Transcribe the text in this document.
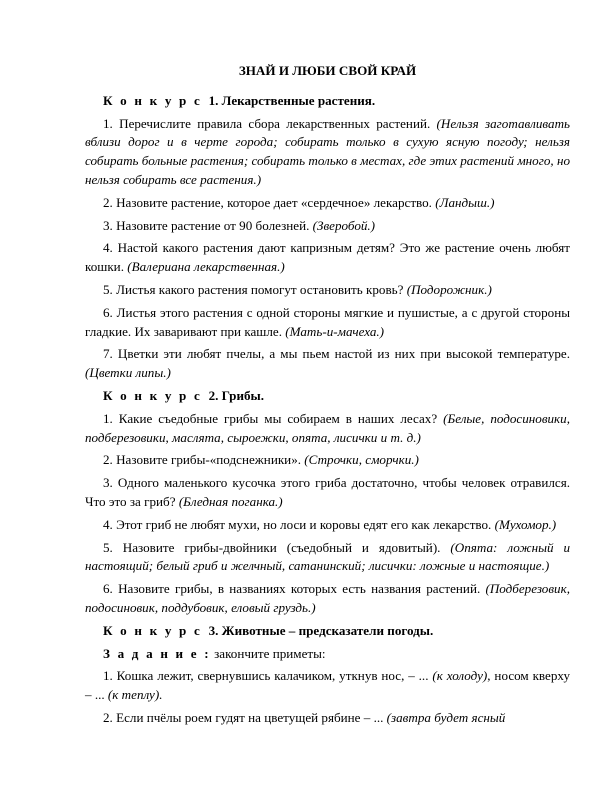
ЗНАЙ И ЛЮБИ СВОЙ КРАЙ
К о н к у р с 1. Лекарственные растения.

1. Перечислите правила сбора лекарственных растений. (Нельзя заготавливать вблизи дорог и в черте города; собирать только в сухую ясную погоду; нельзя собирать больные растения; собирать только в местах, где этих растений много, но нельзя собирать все растения.)

2. Назовите растение, которое дает «сердечное» лекарство. (Ландыш.)

3. Назовите растение от 90 болезней. (Зверобой.)

4. Настой какого растения дают капризным детям? Это же растение очень любят кошки. (Валериана лекарственная.)

5. Листья какого растения помогут остановить кровь? (Подорожник.)

6. Листья этого растения с одной стороны мягкие и пушистые, а с другой стороны гладкие. Их заваривают при кашле. (Мать-и-мачеха.)

7. Цветки эти любят пчелы, а мы пьем настой из них при высокой температуре. (Цветки липы.)

К о н к у р с 2. Грибы.

1. Какие съедобные грибы мы собираем в наших лесах? (Белые, подосиновики, подберезовики, маслята, сыроежки, опята, лисички и т. д.)

2. Назовите грибы-«подснежники». (Строчки, сморчки.)

3. Одного маленького кусочка этого гриба достаточно, чтобы человек отравился. Что это за гриб? (Бледная поганка.)

4. Этот гриб не любят мухи, но лоси и коровы едят его как лекарство. (Мухомор.)

5. Назовите грибы-двойники (съедобный и ядовитый). (Опята: ложный и настоящий; белый гриб и желчный, сатанинский; лисички: ложные и настоящие.)

6. Назовите грибы, в названиях которых есть названия растений. (Подберезовик, подосиновик, поддубовик, еловый груздь.)

К о н к у р с 3. Животные – предсказатели погоды.

З а д а н и е : закончите приметы:

1. Кошка лежит, свернувшись калачиком, уткнув нос, – ... (к холоду), носом кверху – ... (к теплу).

2. Если пчёлы роем гудят на цветущей рябине – ... (завтра будет ясный
